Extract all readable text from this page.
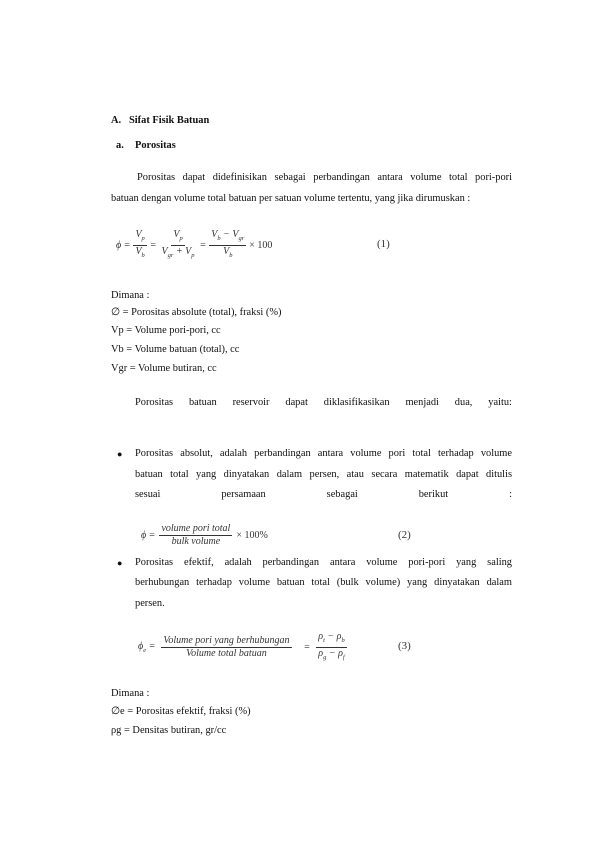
A. Sifat Fisik Batuan
a. Porositas
Porositas dapat didefinisikan sebagai perbandingan antara volume total pori-pori
batuan dengan volume total batuan per satuan volume tertentu, yang jika dirumuskan :
$\phi = \frac{V_p}{V_b} = \frac{V_p}{V_{gr} + V_p} = \frac{V_b - V_{gr}}{V_b} \times 100$	(1)
Dimana :
∅ = Porositas absolute (total), fraksi (%)
Vp = Volume pori-pori, cc
Vb = Volume batuan (total), cc
Vgr = Volume butiran, cc
Porositas batuan reservoir dapat diklasifikasikan menjadi dua, yaitu:
● Porositas absolut, adalah perbandingan antara volume pori total terhadap volume
batuan total yang dinyatakan dalam persen, atau secara matematik dapat ditulis
sesuai	persamaan	sebagai	berikut	:
$\phi = \frac{\text{volume pori total}}{\text{bulk volume}} \times 100\%$	(2)
● Porositas efektif, adalah perbandingan antara volume pori-pori yang saling
berhubungan terhadap volume batuan total (bulk volume) yang dinyatakan dalam
persen.
$\phi_e = \frac{\text{Volume pori yang berhubungan}}{\text{Volume total batuan}} = \frac{\rho_t - \rho_b}{\rho_g - \rho_f}$	(3)
Dimana :
∅e = Porositas efektif, fraksi (%)
ρg = Densitas butiran, gr/cc
